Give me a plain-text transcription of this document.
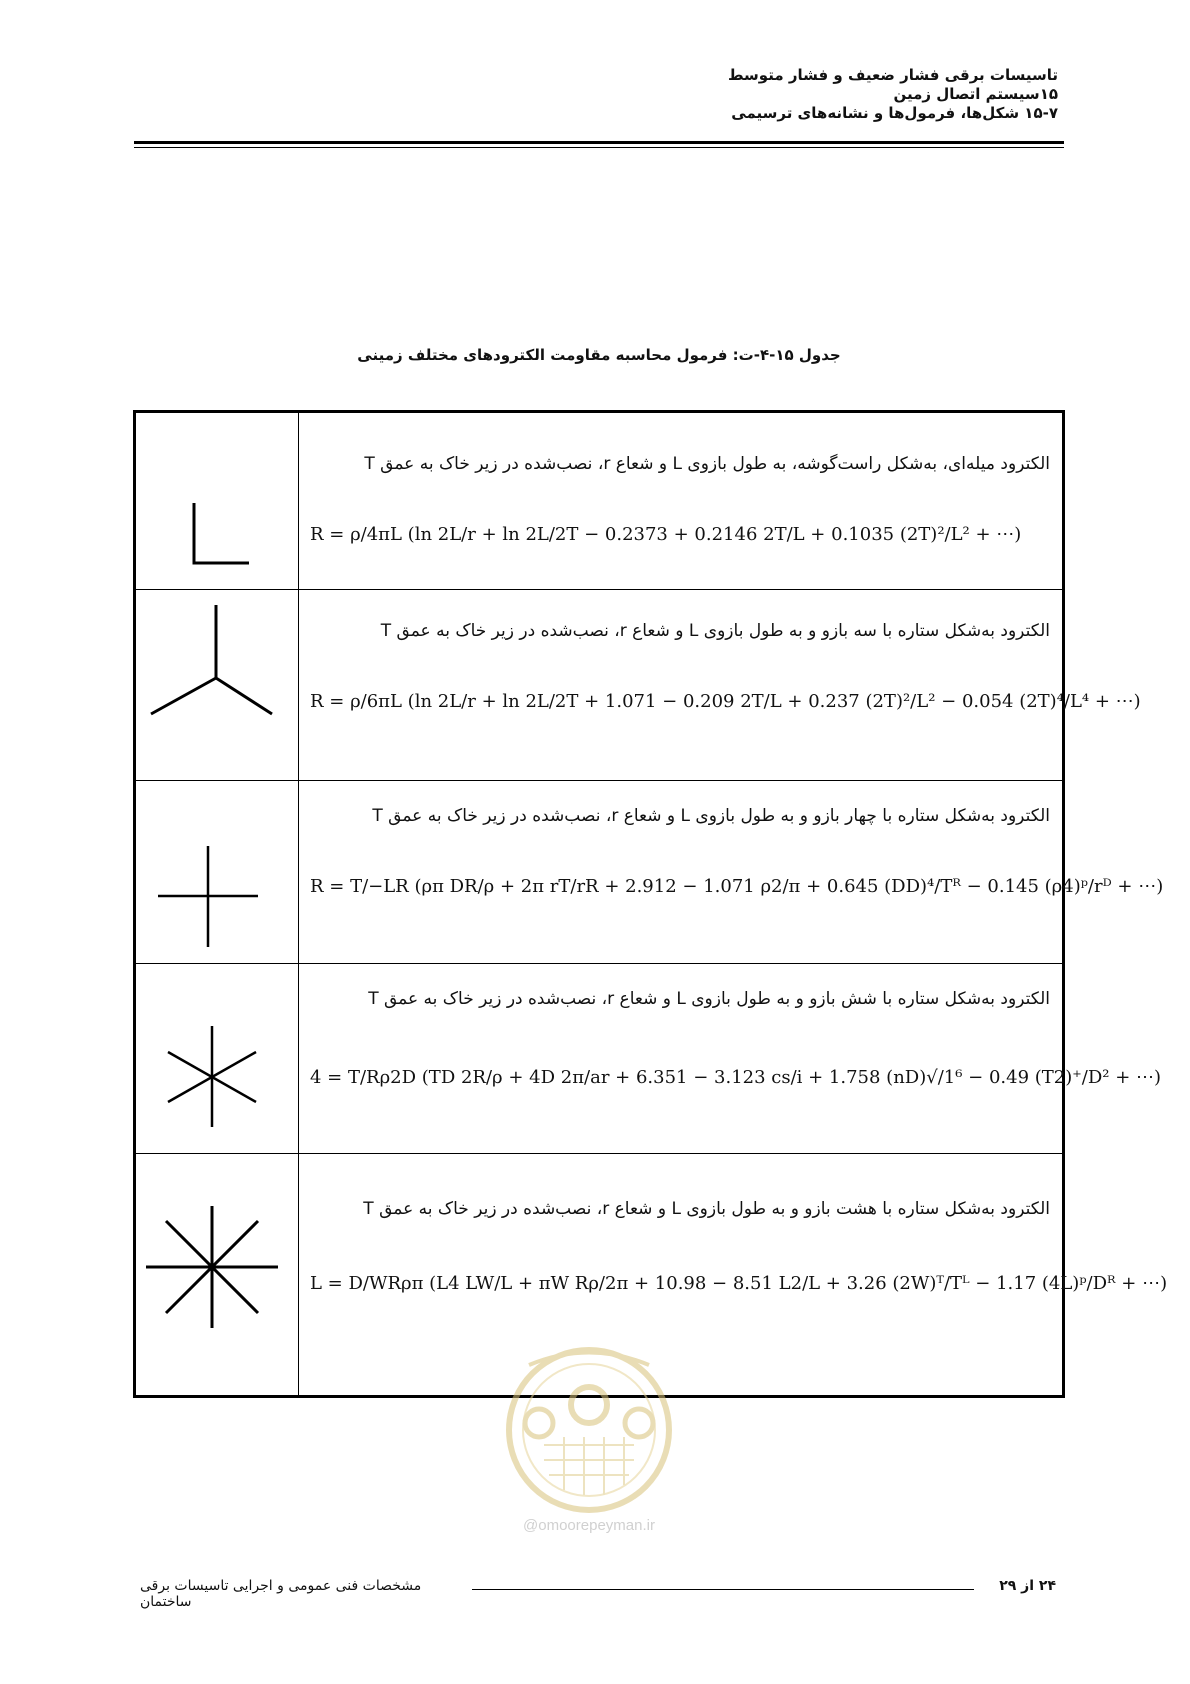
تاسیسات برقی فشار ضعیف و فشار متوسط
۱۵سیستم اتصال زمین
۱۵-۷ شکل‌ها، فرمول‌ها و نشانه‌های ترسیمی
جدول ۱۵-۴-ت: فرمول محاسبه مقاومت الکترودهای مختلف زمینی
الکترود میله‌ای، به‌شکل راست‌گوشه، به طول بازوی L و شعاع r، نصب‌شده در زیر خاک به عمق T
R = ρ/4πL (ln 2L/r + ln 2L/2T − 0.2373 + 0.2146 2T/L + 0.1035 (2T)²/L² + ⋯)
الکترود به‌شکل ستاره با سه بازو و به طول بازوی L و شعاع r، نصب‌شده در زیر خاک به عمق T
R = ρ/6πL (ln 2L/r + ln 2L/2T + 1.071 − 0.209 2T/L + 0.237 (2T)²/L² − 0.054 (2T)⁴/L⁴ + ⋯)
الکترود به‌شکل ستاره با چهار بازو و به طول بازوی L و شعاع r، نصب‌شده در زیر خاک به عمق T
R = T/−LR (ρπ DR/ρ + 2π rT/rR + 2.912 − 1.071 ρ2/π + 0.645 (DD)⁴/Tᴿ − 0.145 (ρ4)ᵖ/rᴰ + ⋯)
الکترود به‌شکل ستاره با شش بازو و به طول بازوی L و شعاع r، نصب‌شده در زیر خاک به عمق T
4 = T/Rρ2D (TD 2R/ρ + 4D 2π/ar + 6.351 − 3.123 cs/i + 1.758 (nD)√/1⁶ − 0.49 (T2)⁺/D² + ⋯)
الکترود به‌شکل ستاره با هشت بازو و به طول بازوی L و شعاع r، نصب‌شده در زیر خاک به عمق T
L = D/WRρπ (L4 LW/L + πW Rρ/2π + 10.98 − 8.51 L2/L + 3.26 (2W)ᵀ/Tᴸ − 1.17 (4L)ᵖ/Dᴿ + ⋯)
@omoorepeyman.ir
مشخصات فنی عمومی و اجرایی تاسیسات برقی ساختمان
۲۴ از ۲۹
